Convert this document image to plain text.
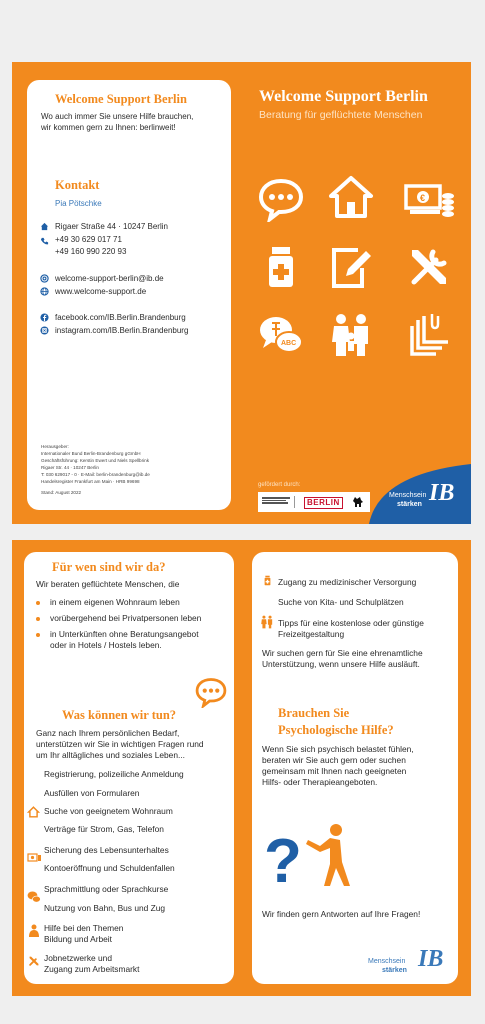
Welcome Support Berlin

Wo auch immer Sie unsere Hilfe brauchen,

wir kommen gern zu Ihnen: berlinweit!

Kontakt

Pia Pötschke

Rigaer Straße 44 · 10247 Berlin

+49 30 629 017 71

+49 160 990 220 93

welcome-support-berlin@ib.de

www.welcome-support.de

facebook.com/IB.Berlin.Brandenburg

instagram.com/IB.Berlin.Brandenburg

Herausgeber:

Internationaler Bund Berlin-Brandenburg gGmbH

Geschäftsführung: Kerstin Ewert und Niels Spellbrink

Rigaer Str. 44 · 10247 Berlin

T: 030 629017 - 0 · E-Mail: berlin-brandenburg@ib.de

Handelsregister Frankfurt am Main · HRB 99698

Stand: August 2022

Welcome Support Berlin

Beratung für geflüchtete Menschen

€
ABC

gefördert durch:

BERLIN

Menschsein

stärken IB

Für wen sind wir da?

Wir beraten geflüchtete Menschen, die

in einem eigenen Wohnraum leben
vorübergehend bei Privatpersonen leben
in Unterkünften ohne Beratungsangebot
oder in Hotels / Hostels leben.

Was können wir tun?

Ganz nach Ihrem persönlichen Bedarf,

unterstützen wir Sie in wichtigen Fragen rund

um Ihr alltägliches und soziales Leben...

Registrierung, polizeiliche Anmeldung
Ausfüllen von Formularen
Suche von geeignetem Wohnraum
Verträge für Strom, Gas, Telefon
Sicherung des Lebensunterhaltes
Kontoeröffnung und Schuldenfallen
Sprachmittlung oder Sprachkurse
Nutzung von Bahn, Bus und Zug
Hilfe bei den Themen
Bildung und Arbeit
Jobnetzwerke und
Zugang zum Arbeitsmarkt

Zugang zu medizinischer Versorgung

Suche von Kita- und Schulplätzen

Tipps für eine kostenlose oder günstige

Freizeitgestaltung

Wir suchen gern für Sie eine ehrenamtliche

Unterstützung, wenn unsere Hilfe ausläuft.

Brauchen Sie

Psychologische Hilfe?

Wenn Sie sich psychisch belastet fühlen,

beraten wir Sie auch gern oder suchen

gemeinsam mit Ihnen nach geeigneten

Hilfs- oder Therapieangeboten.

?

Wir finden gern Antworten auf Ihre Fragen!

Menschsein

stärken IB
